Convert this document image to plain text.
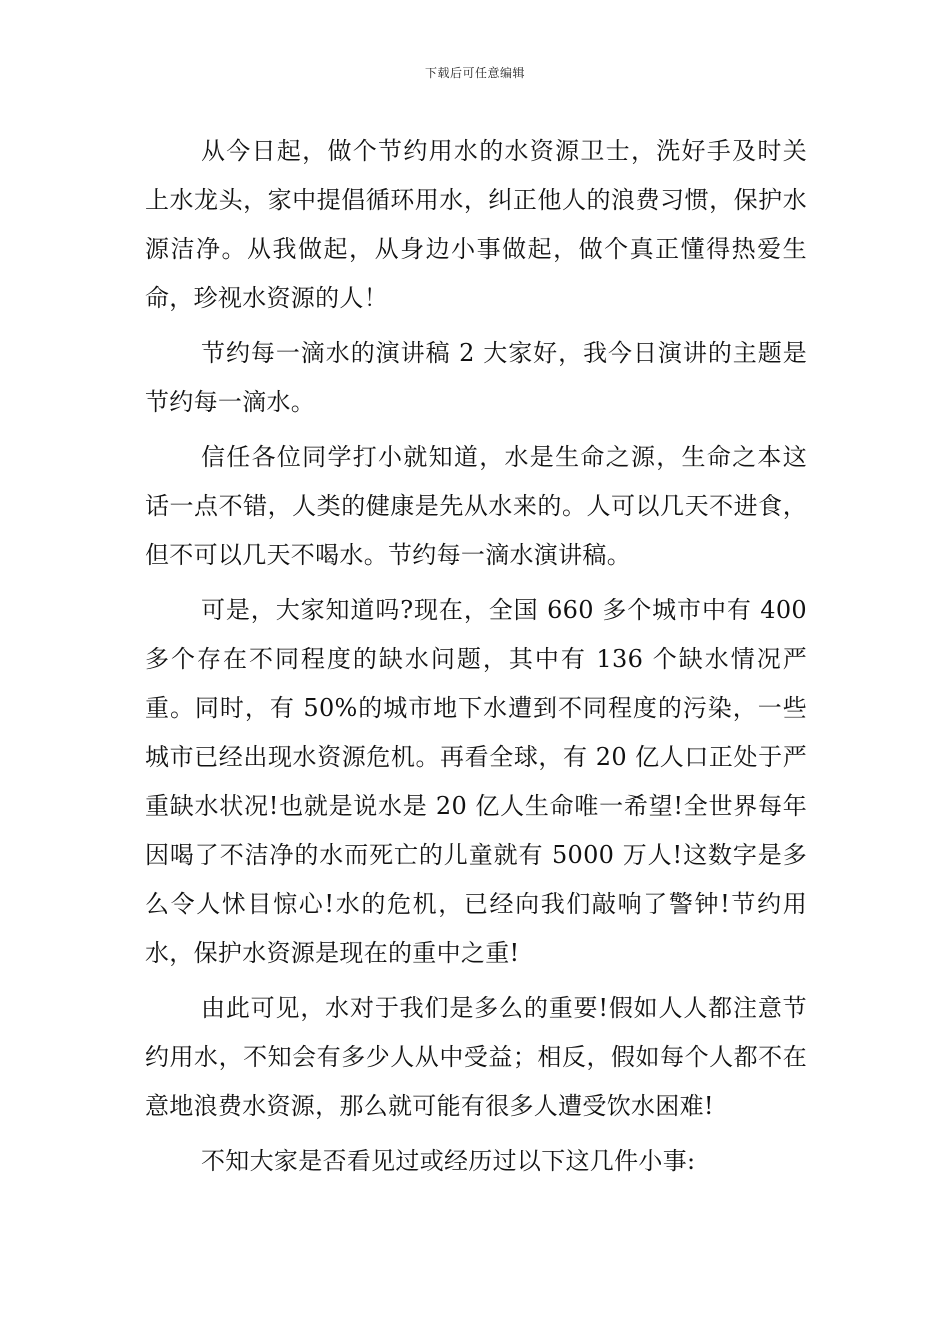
下载后可任意编辑

从今日起，做个节约用水的水资源卫士，洗好手及时关上水龙头，家中提倡循环用水，纠正他人的浪费习惯，保护水源洁净。从我做起，从身边小事做起，做个真正懂得热爱生命，珍视水资源的人！

节约每一滴水的演讲稿 2 大家好，我今日演讲的主题是节约每一滴水。

信任各位同学打小就知道，水是生命之源，生命之本这话一点不错，人类的健康是先从水来的。人可以几天不进食，但不可以几天不喝水。节约每一滴水演讲稿。

可是，大家知道吗?现在，全国 660 多个城市中有 400 多个存在不同程度的缺水问题，其中有 136 个缺水情况严重。同时，有 50%的城市地下水遭到不同程度的污染，一些城市已经出现水资源危机。再看全球，有 20 亿人口正处于严重缺水状况!也就是说水是 20 亿人生命唯一希望!全世界每年因喝了不洁净的水而死亡的儿童就有 5000 万人!这数字是多么令人怵目惊心!水的危机，已经向我们敲响了警钟!节约用水，保护水资源是现在的重中之重!

由此可见，水对于我们是多么的重要!假如人人都注意节约用水，不知会有多少人从中受益；相反，假如每个人都不在意地浪费水资源，那么就可能有很多人遭受饮水困难!

不知大家是否看见过或经历过以下这几件小事:
